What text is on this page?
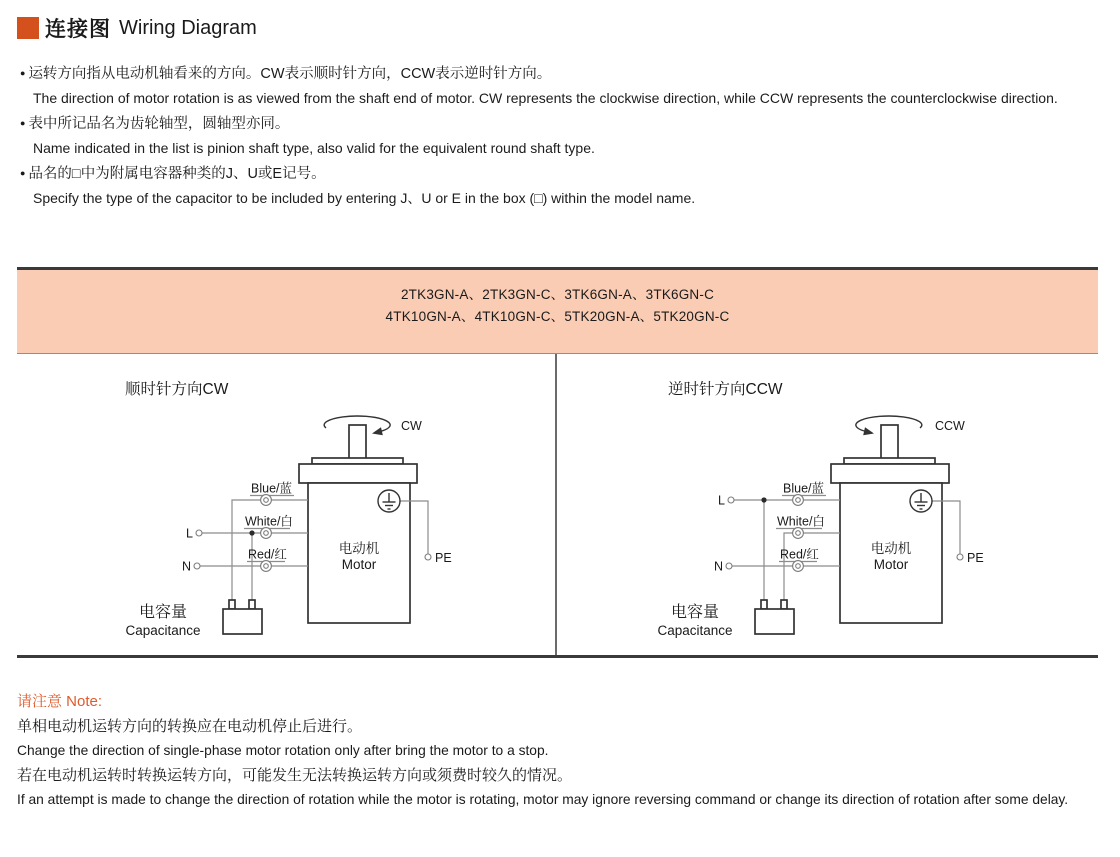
连接图 Wiring Diagram
● 运转方向指从电动机轴看来的方向。CW表示顺时针方向，CCW表示逆时针方向。
The direction of motor rotation is as viewed from the shaft end of motor. CW represents the clockwise direction, while CCW represents the counterclockwise direction.
● 表中所记品名为齿轮轴型，圆轴型亦同。
Name indicated in the list is pinion shaft type, also valid for the equivalent round shaft type.
● 品名的□中为附属电容器种类的J、U或E记号。
Specify the type of the capacitor to be included by entering J、U or E in the box (□) within the model name.
2TK3GN-A、2TK3GN-C、3TK6GN-A、3TK6GN-C
4TK10GN-A、4TK10GN-C、5TK20GN-A、5TK20GN-C
顺时针方向CW
CW
Blue/蓝
White/白
Red/红
L
N
PE
电动机
Motor
电容量
Capacitance
逆时针方向CCW
CCW
Blue/蓝
White/白
Red/红
L
N
PE
电动机
Motor
电容量
Capacitance
请注意 Note:
单相电动机运转方向的转换应在电动机停止后进行。
Change the direction of single-phase motor rotation only after bring the motor to a stop.
若在电动机运转时转换运转方向，可能发生无法转换运转方向或须费时较久的情况。
If an attempt is made to change the direction of rotation while the motor is rotating, motor may ignore reversing command or change its direction of rotation after some delay.
